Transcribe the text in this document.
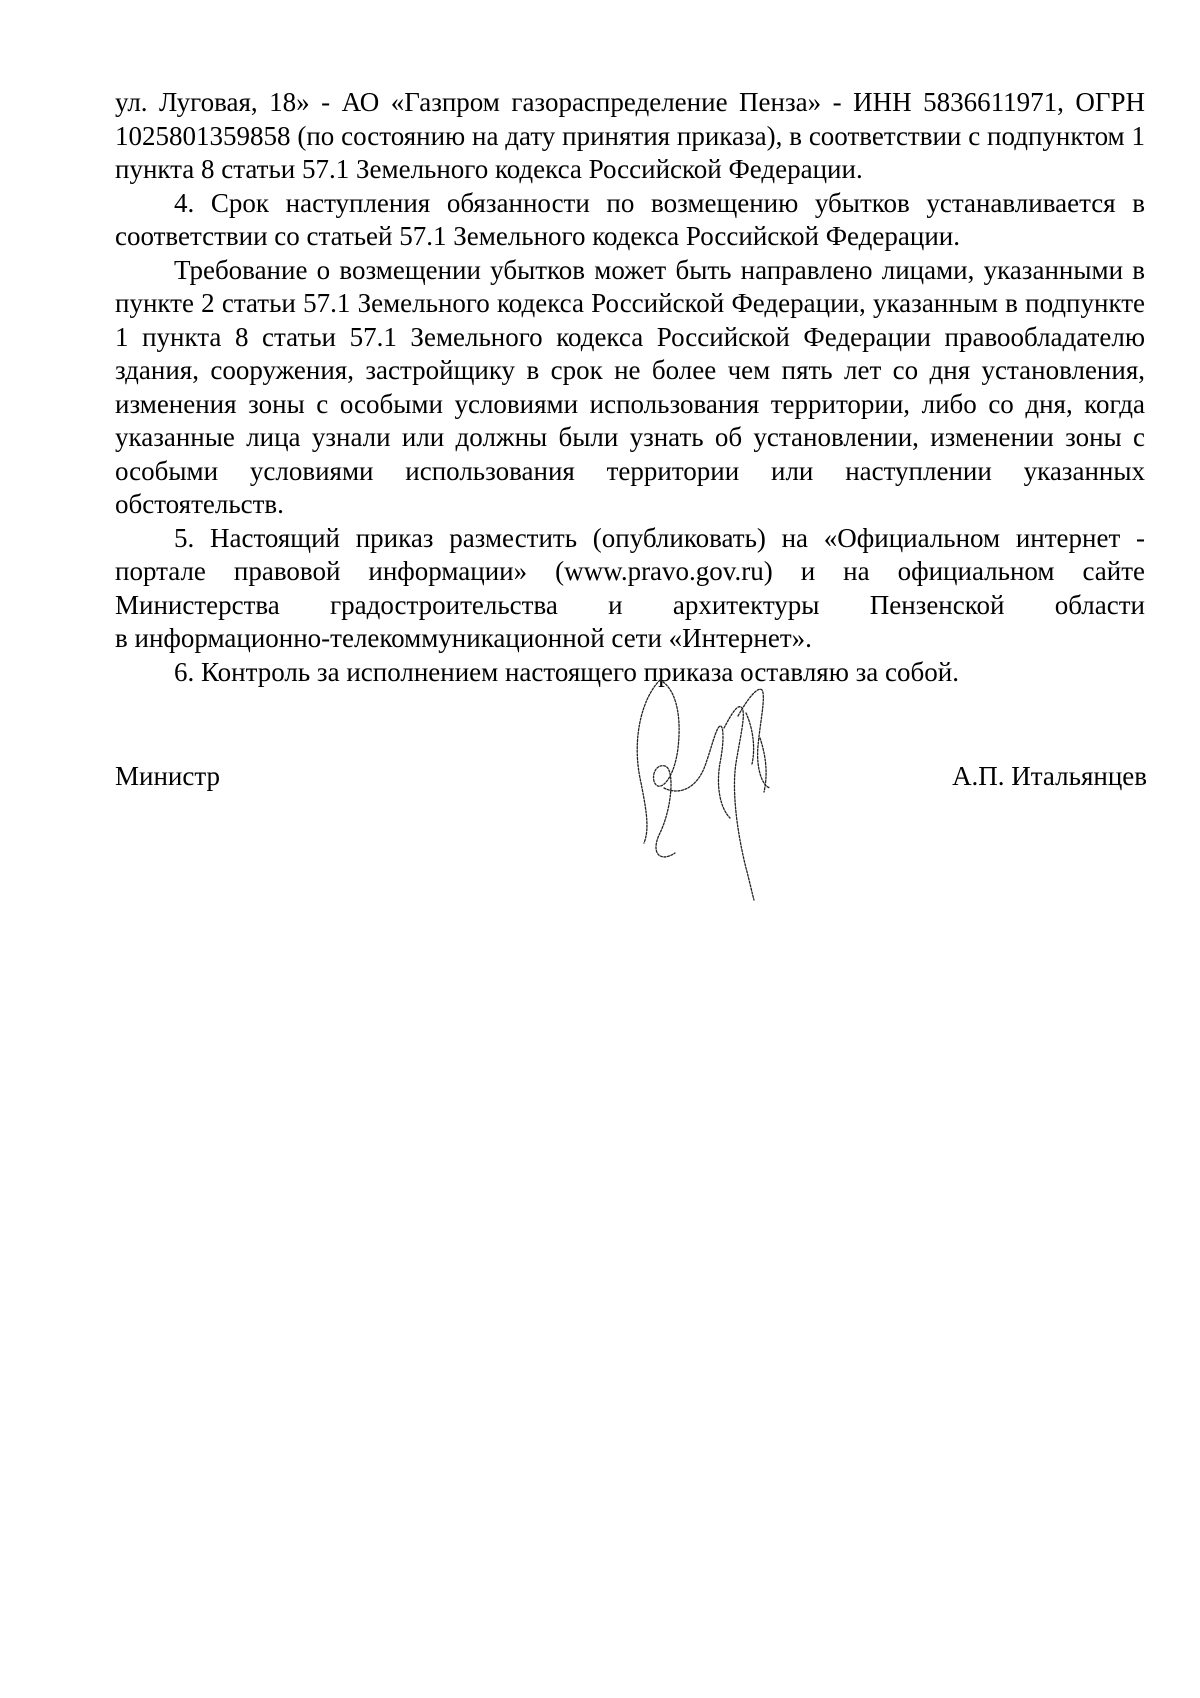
ул. Луговая, 18» - АО «Газпром газораспределение Пенза» - ИНН 5836611971, ОГРН 1025801359858 (по состоянию на дату принятия приказа), в соответствии с подпунктом 1 пункта 8 статьи 57.1 Земельного кодекса Российской Федерации.

4. Срок наступления обязанности по возмещению убытков устанавливается в соответствии со статьей 57.1 Земельного кодекса Российской Федерации.

Требование о возмещении убытков может быть направлено лицами, указанными в пункте 2 статьи 57.1 Земельного кодекса Российской Федерации, указанным в подпункте 1 пункта 8 статьи 57.1 Земельного кодекса Российской Федерации правообладателю здания, сооружения, застройщику в срок не более чем пять лет со дня установления, изменения зоны с особыми условиями использования территории, либо со дня, когда указанные лица узнали или должны были узнать об установлении, изменении зоны с особыми условиями использования территории или наступлении указанных обстоятельств.

5. Настоящий приказ разместить (опубликовать) на «Официальном интернет - портале правовой информации» (www.pravo.gov.ru) и на официальном сайте Министерства градостроительства и архитектуры Пензенской области

в информационно-телекоммуникационной сети «Интернет».

6. Контроль за исполнением настоящего приказа оставляю за собой.

Министр	А.П. Итальянцев
